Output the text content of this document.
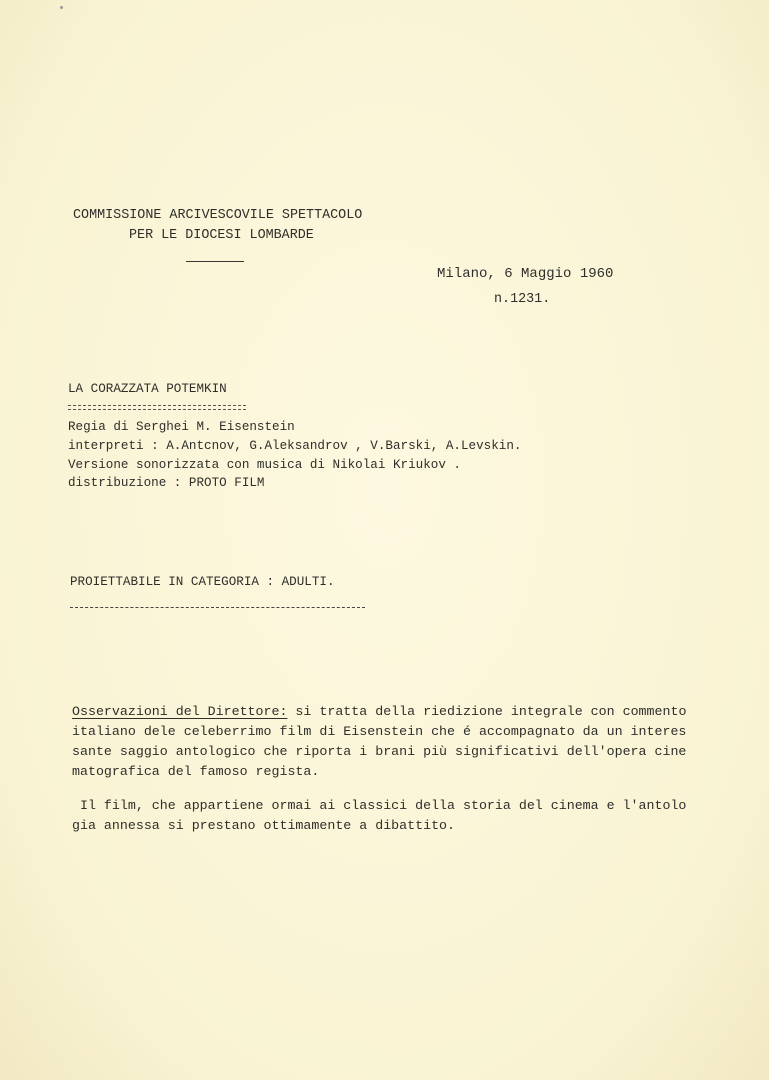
COMMISSIONE ARCIVESCOVILE SPETTACOLO
PER LE DIOCESI LOMBARDE
Milano, 6 Maggio 1960
n.1231.
LA CORAZZATA POTEMKIN
Regia di Serghei M. Eisenstein
interpreti : A.Antcnov, G.Aleksandrov , V.Barski, A.Levskin.
Versione sonorizzata con musica di Nikolai Kriukov .
distribuzione : PROTO FILM
PROIETTABILE IN CATEGORIA : ADULTI.
Osservazioni del Direttore: si tratta della riedizione integrale con commento
italiano dele celeberrimo film di Eisenstein che é accompagnato da un interes
sante saggio antologico che riporta i brani più significativi dell'opera cine
matografica del famoso regista.
Il film, che appartiene ormai ai classici della storia del cinema e l'antolo
gia annessa si prestano ottimamente a dibattito.
